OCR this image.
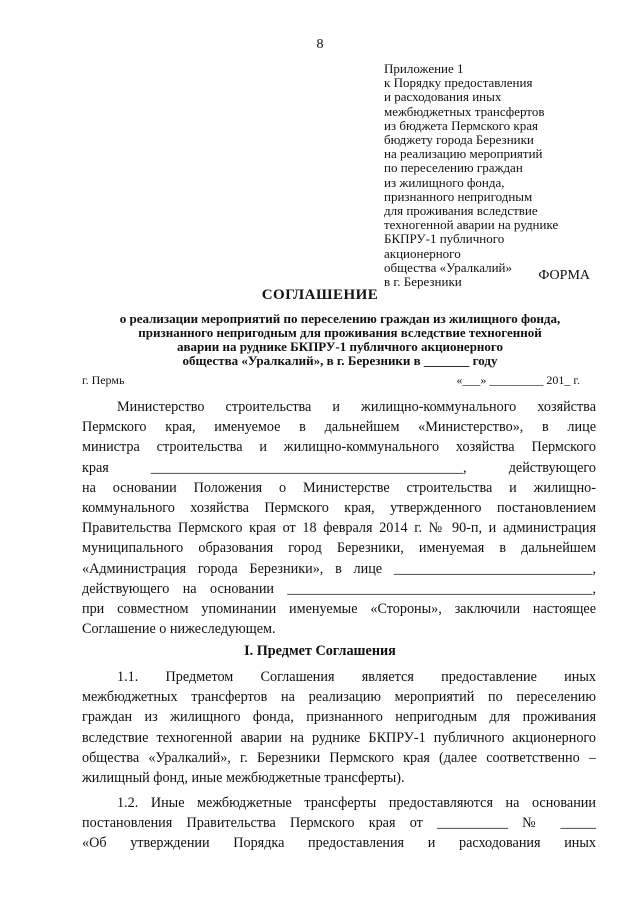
8
Приложение 1
к Порядку предоставления
и расходования иных
межбюджетных трансфертов
из бюджета Пермского края
бюджету города Березники
на реализацию мероприятий
по переселению граждан
из жилищного фонда,
признанного непригодным
для проживания вследствие
техногенной аварии на руднике
БКПРУ-1 публичного
акционерного
общества «Уралкалий»
в г. Березники	ФОРМА
СОГЛАШЕНИЕ
о реализации мероприятий по переселению граждан из жилищного фонда,
признанного непригодным для проживания вследствие техногенной
аварии на руднике БКПРУ-1 публичного акционерного
общества «Уралкалий», в г. Березники в _______ году
г. Пермь	«___» _________ 201_ г.
Министерство строительства и жилищно-коммунального хозяйства
Пермского края, именуемое в дальнейшем «Министерство», в лице
министра строительства и жилищно-коммунального хозяйства Пермского
края ____________________________________________, действующего
на основании Положения о Министерстве строительства и жилищно-
коммунального хозяйства Пермского края, утвержденного постановлением
Правительства Пермского края от 18 февраля 2014 г. № 90-п, и администрация
муниципального образования город Березники, именуемая в дальнейшем
«Администрация города Березники», в лице ____________________________,
действующего на основании ___________________________________________,
при совместном упоминании именуемые «Стороны», заключили настоящее
Соглашение о нижеследующем.
I. Предмет Соглашения
1.1. Предметом Соглашения является предоставление иных
межбюджетных трансфертов на реализацию мероприятий по переселению
граждан из жилищного фонда, признанного непригодным для проживания
вследствие техногенной аварии на руднике БКПРУ-1 публичного акционерного
общества «Уралкалий», г. Березники Пермского края (далее соответственно –
жилищный фонд, иные межбюджетные трансферты).
1.2. Иные межбюджетные трансферты предоставляются на основании
постановления Правительства Пермского края от __________ № _____
«Об утверждении Порядка предоставления и расходования иных
